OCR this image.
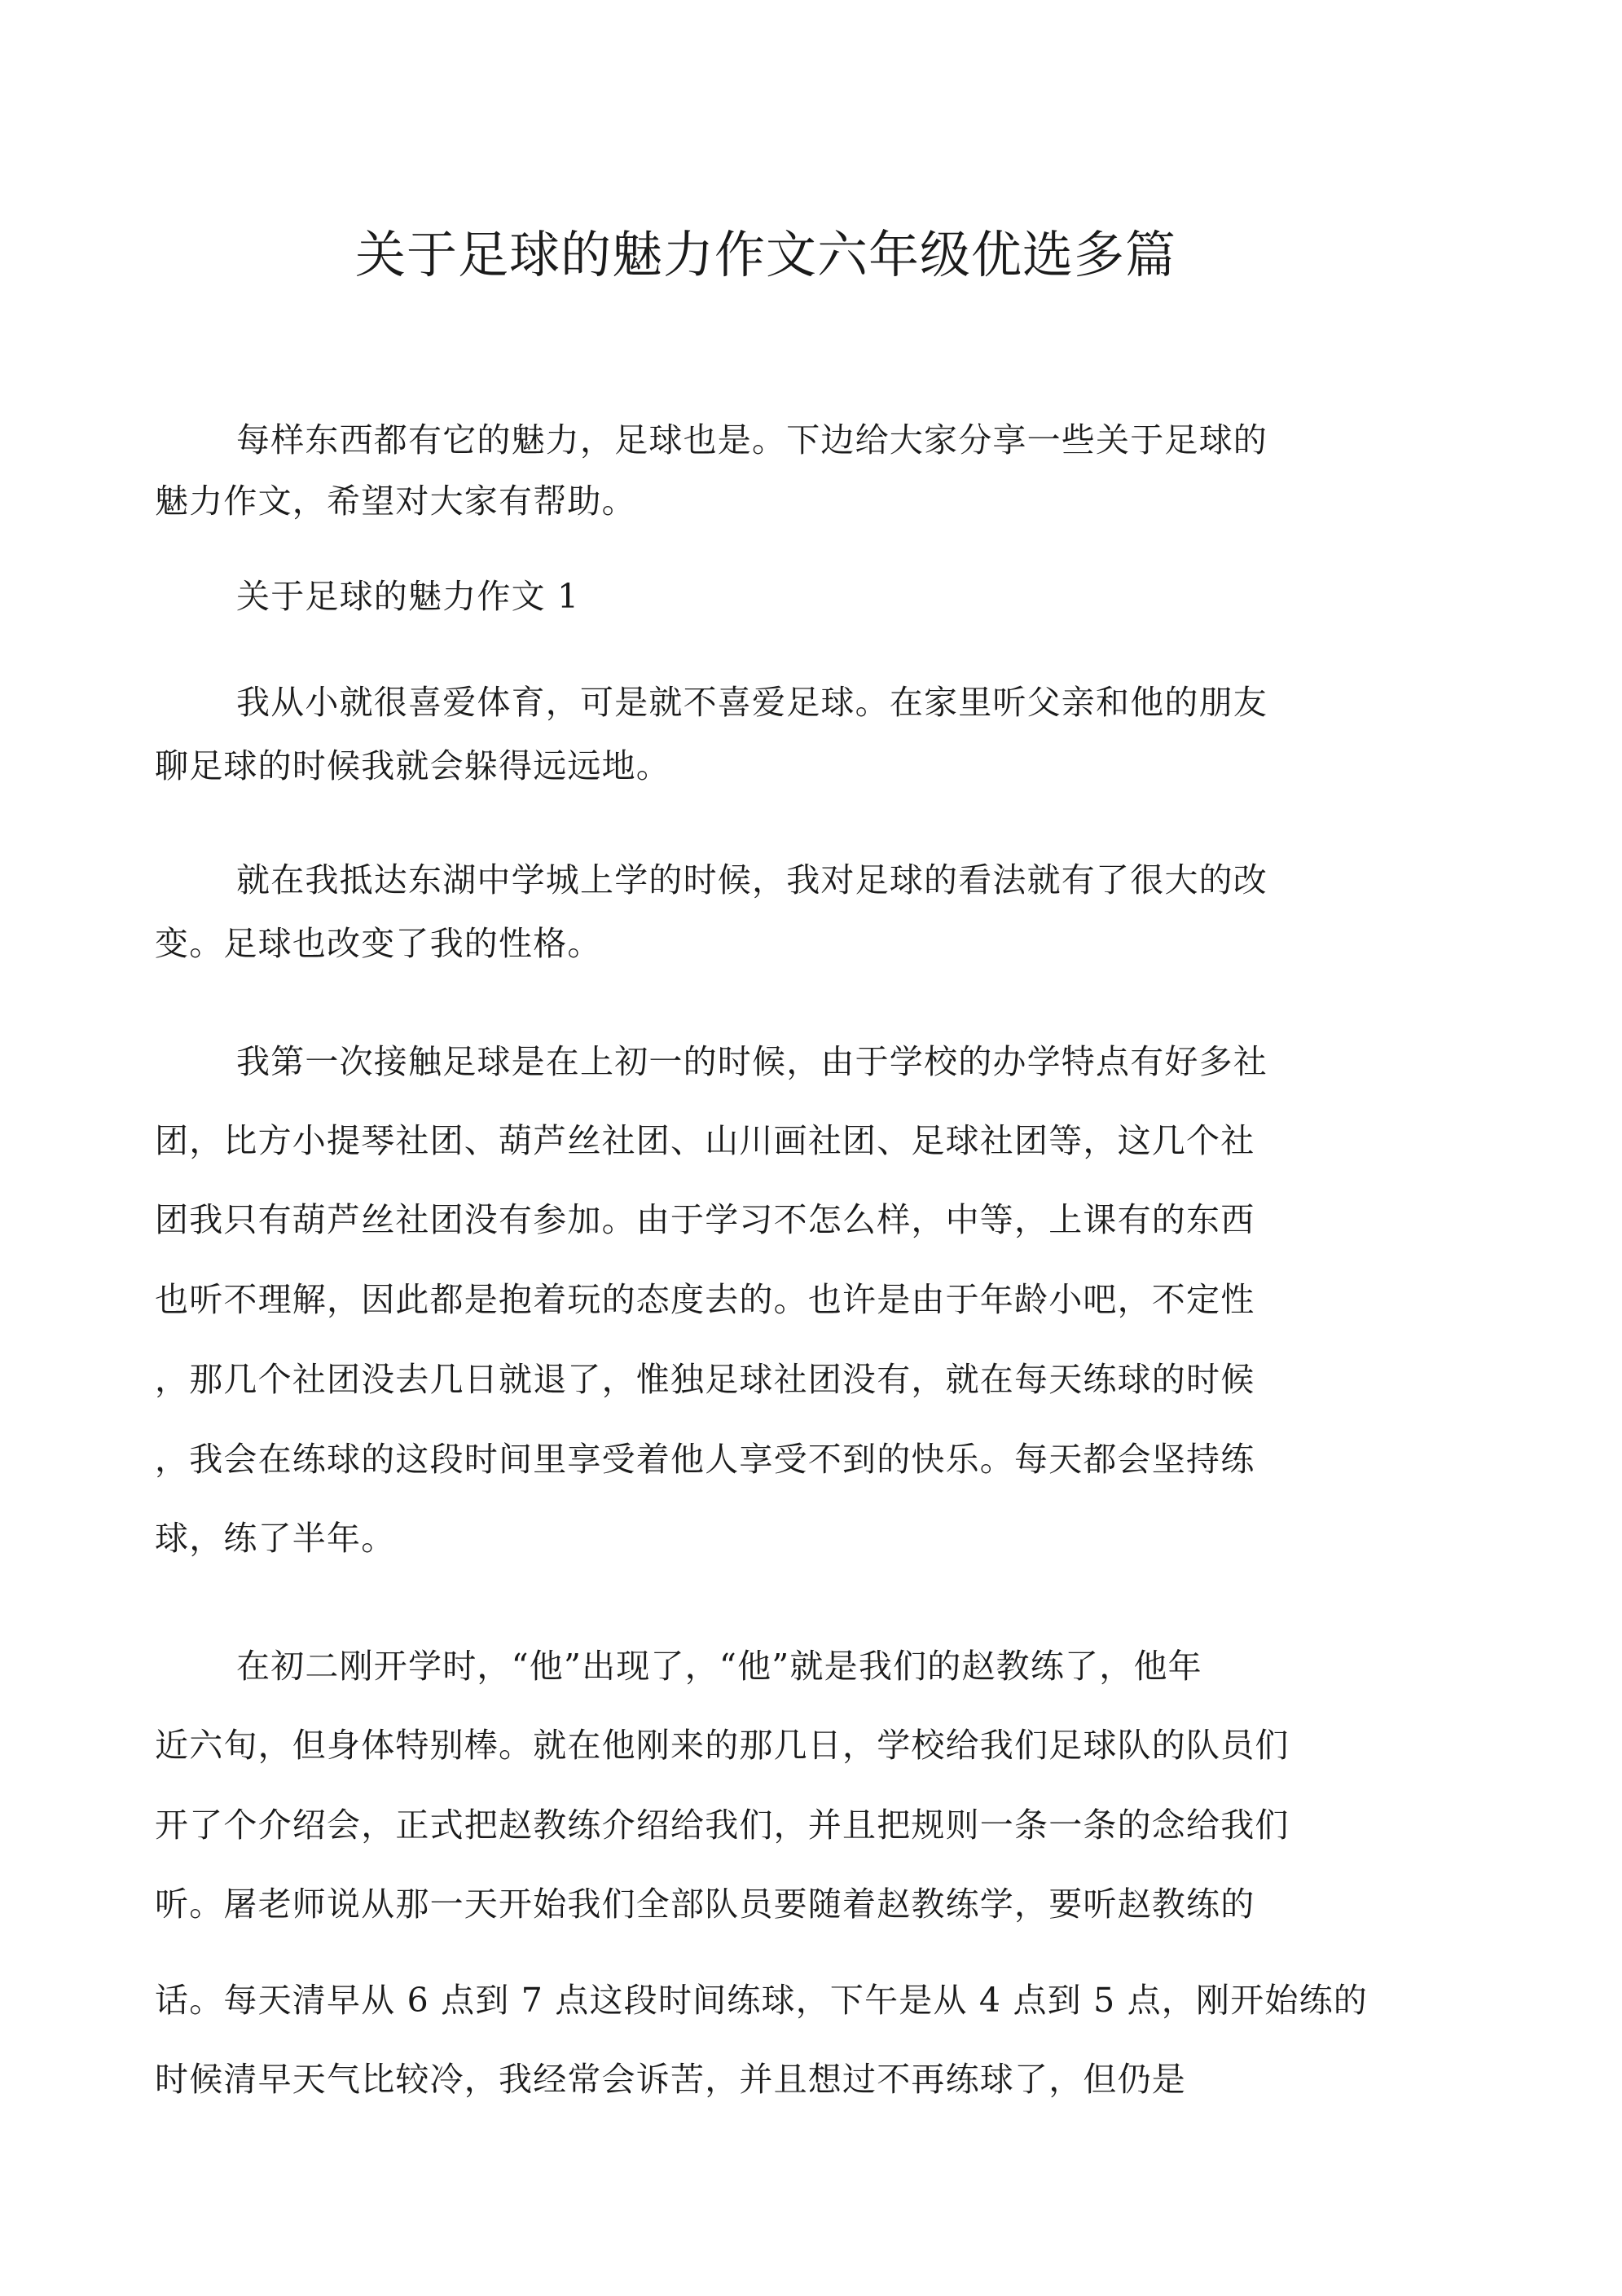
关于足球的魅力作文六年级优选多篇
每样东西都有它的魅力，足球也是。下边给大家分享一些关于足球的
魅力作文，希望对大家有帮助。
关于足球的魅力作文 1
我从小就很喜爱体育，可是就不喜爱足球。在家里听父亲和他的朋友
聊足球的时候我就会躲得远远地。
就在我抵达东湖中学城上学的时候，我对足球的看法就有了很大的改
变。足球也改变了我的性格。
我第一次接触足球是在上初一的时候，由于学校的办学特点有好多社
团，比方小提琴社团、葫芦丝社团、山川画社团、足球社团等，这几个社
团我只有葫芦丝社团没有参加。由于学习不怎么样，中等，上课有的东西
也听不理解，因此都是抱着玩的态度去的。也许是由于年龄小吧，不定性
，那几个社团没去几日就退了，惟独足球社团没有，就在每天练球的时候
，我会在练球的这段时间里享受着他人享受不到的快乐。每天都会坚持练
球，练了半年。
在初二刚开学时，“他”出现了，“他”就是我们的赵教练了，他年
近六旬，但身体特别棒。就在他刚来的那几日，学校给我们足球队的队员们
开了个介绍会，正式把赵教练介绍给我们，并且把规则一条一条的念给我们
听。屠老师说从那一天开始我们全部队员要随着赵教练学，要听赵教练的
话。每天清早从 6 点到 7 点这段时间练球，下午是从 4 点到 5 点，刚开始练的
时候清早天气比较冷，我经常会诉苦，并且想过不再练球了，但仍是
